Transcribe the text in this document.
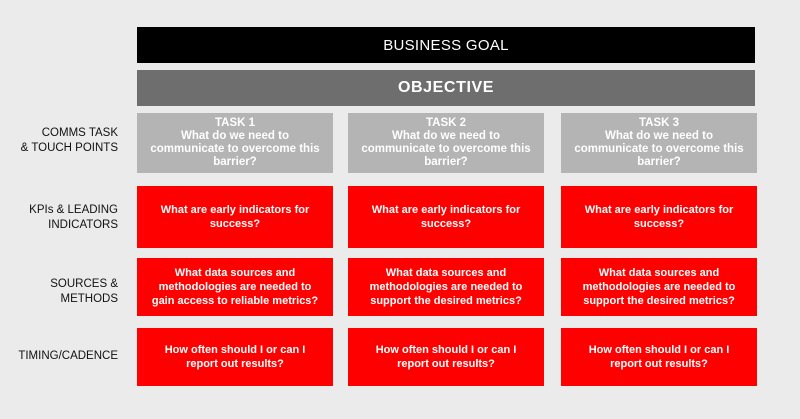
BUSINESS GOAL
OBJECTIVE
COMMS TASK
& TOUCH POINTS
KPIs & LEADING
INDICATORS
SOURCES &
METHODS
TIMING/CADENCE
TASK 1
What do we need to
communicate to overcome this
barrier?
TASK 2
What do we need to
communicate to overcome this
barrier?
TASK 3
What do we need to
communicate to overcome this
barrier?
What are early indicators for
success?
What are early indicators for
success?
What are early indicators for
success?
What data sources and
methodologies are needed to
gain access to reliable metrics?
What data sources and
methodologies are needed to
support the desired metrics?
What data sources and
methodologies are needed to
support the desired metrics?
How often should I or can I
report out results?
How often should I or can I
report out results?
How often should I or can I
report out results?
